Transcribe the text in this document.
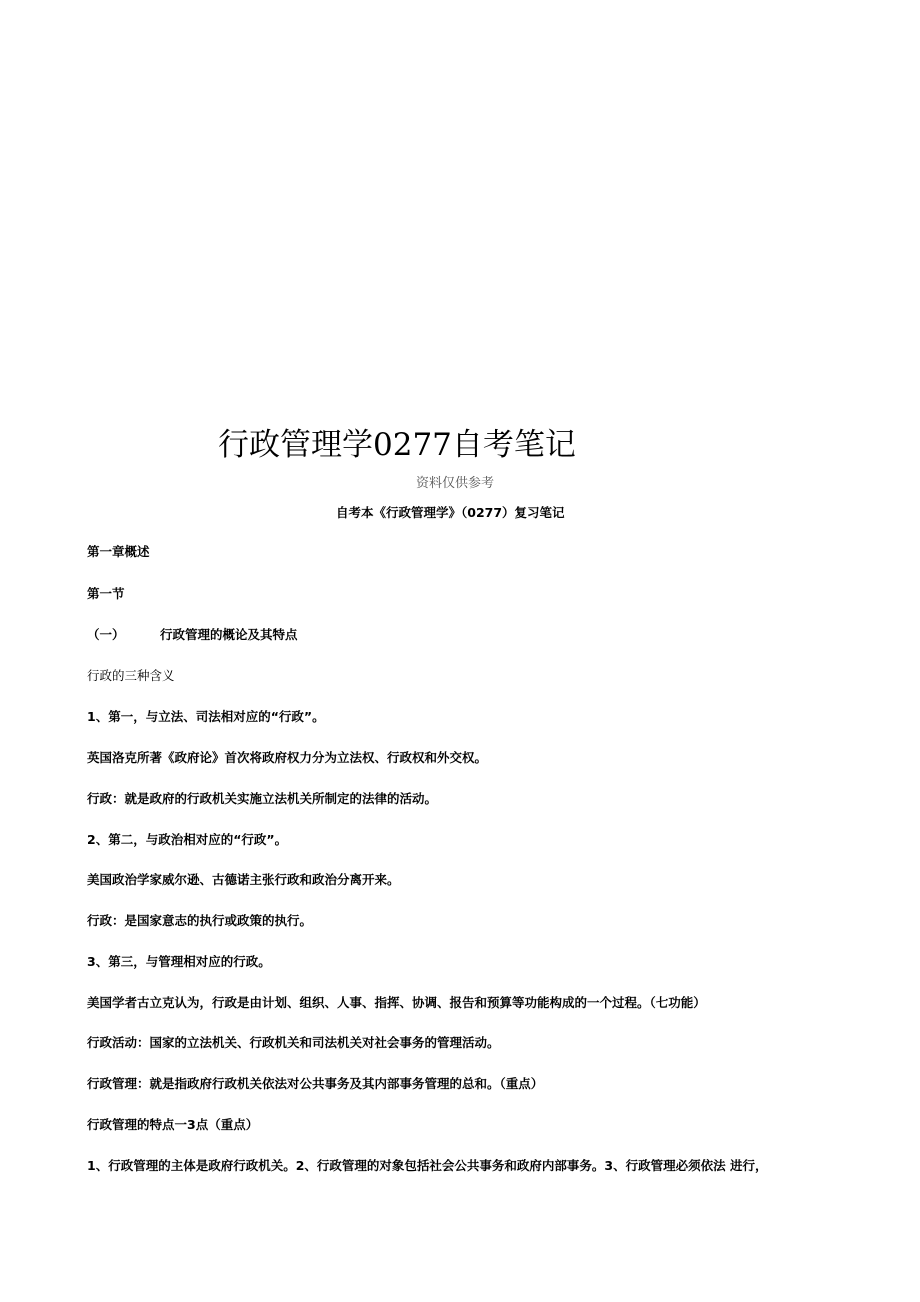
行政管理学0277自考笔记
资料仅供参考
自考本《行政管理学》（0277）复习笔记
第一章概述
第一节
（一）	行政管理的概论及其特点
行政的三种含义
1、第一，与立法、司法相对应的“行政”。
英国洛克所著《政府论》首次将政府权力分为立法权、行政权和外交权。
行政：就是政府的行政机关实施立法机关所制定的法律的活动。
2、第二，与政治相对应的“行政”。
美国政治学家威尔逊、古德诺主张行政和政治分离开来。
行政：是国家意志的执行或政策的执行。
3、第三，与管理相对应的行政。
美国学者古立克认为，行政是由计划、组织、人事、指挥、协调、报告和预算等功能构成的一个过程。（七功能）
行政活动：国家的立法机关、行政机关和司法机关对社会事务的管理活动。
行政管理：就是指政府行政机关依法对公共事务及其内部事务管理的总和。（重点）
行政管理的特点一3点（重点）
1、行政管理的主体是政府行政机关。2、行政管理的对象包括社会公共事务和政府内部事务。3、行政管理必须依法 进行，
